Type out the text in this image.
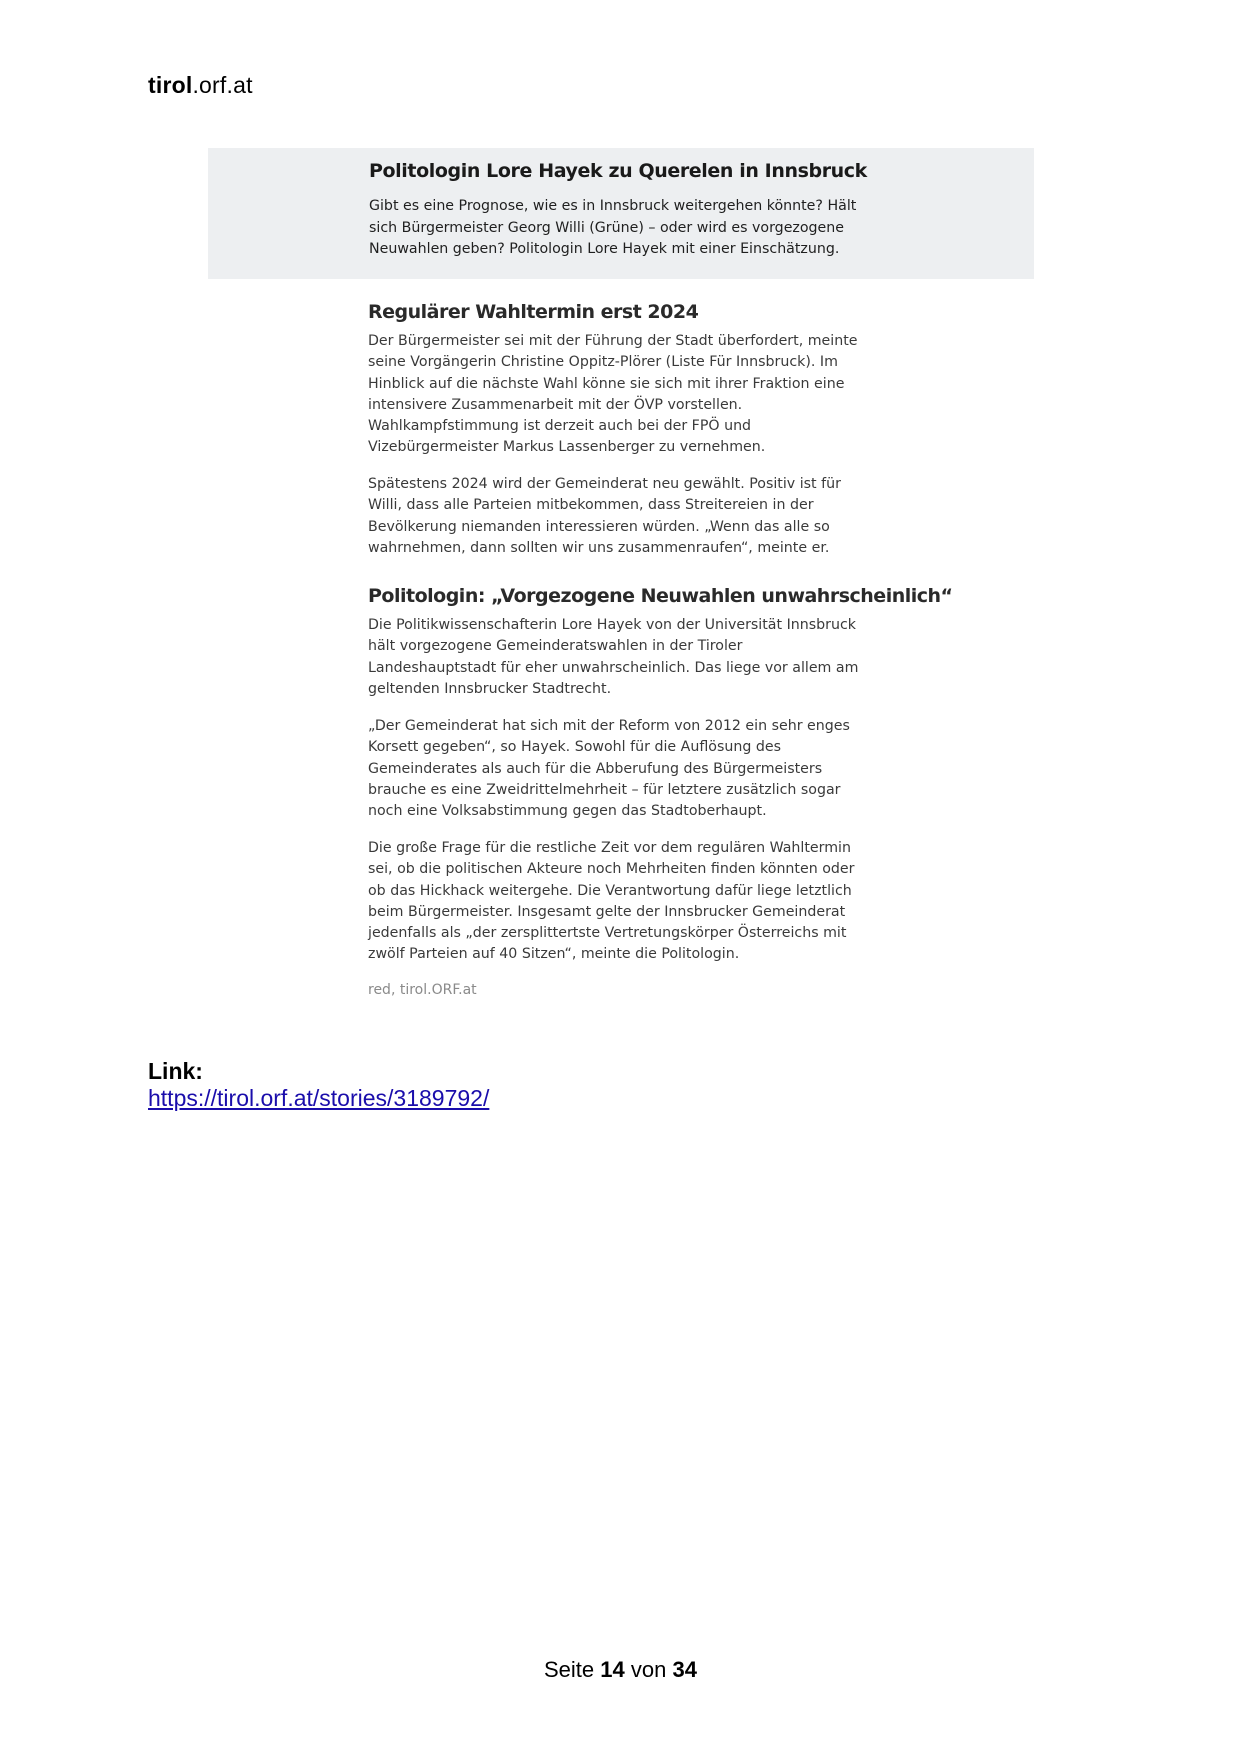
tirol.orf.at
Politologin Lore Hayek zu Querelen in Innsbruck
Gibt es eine Prognose, wie es in Innsbruck weitergehen könnte? Hält
sich Bürgermeister Georg Willi (Grüne) – oder wird es vorgezogene
Neuwahlen geben? Politologin Lore Hayek mit einer Einschätzung.
Regulärer Wahltermin erst 2024

Der Bürgermeister sei mit der Führung der Stadt überfordert, meinte

seine Vorgängerin Christine Oppitz-Plörer (Liste Für Innsbruck). Im

Hinblick auf die nächste Wahl könne sie sich mit ihrer Fraktion eine

intensivere Zusammenarbeit mit der ÖVP vorstellen.

Wahlkampfstimmung ist derzeit auch bei der FPÖ und

Vizebürgermeister Markus Lassenberger zu vernehmen.

Spätestens 2024 wird der Gemeinderat neu gewählt. Positiv ist für

Willi, dass alle Parteien mitbekommen, dass Streitereien in der

Bevölkerung niemanden interessieren würden. „Wenn das alle so

wahrnehmen, dann sollten wir uns zusammenraufen“, meinte er.

Politologin: „Vorgezogene Neuwahlen unwahrscheinlich“

Die Politikwissenschafterin Lore Hayek von der Universität Innsbruck

hält vorgezogene Gemeinderatswahlen in der Tiroler

Landeshauptstadt für eher unwahrscheinlich. Das liege vor allem am

geltenden Innsbrucker Stadtrecht.

„Der Gemeinderat hat sich mit der Reform von 2012 ein sehr enges

Korsett gegeben“, so Hayek. Sowohl für die Auflösung des

Gemeinderates als auch für die Abberufung des Bürgermeisters

brauche es eine Zweidrittelmehrheit – für letztere zusätzlich sogar

noch eine Volksabstimmung gegen das Stadtoberhaupt.

Die große Frage für die restliche Zeit vor dem regulären Wahltermin

sei, ob die politischen Akteure noch Mehrheiten finden könnten oder

ob das Hickhack weitergehe. Die Verantwortung dafür liege letztlich

beim Bürgermeister. Insgesamt gelte der Innsbrucker Gemeinderat

jedenfalls als „der zersplittertste Vertretungskörper Österreichs mit

zwölf Parteien auf 40 Sitzen“, meinte die Politologin.

red, tirol.ORF.at
Link:
https://tirol.orf.at/stories/3189792/
Seite 14 von 34
